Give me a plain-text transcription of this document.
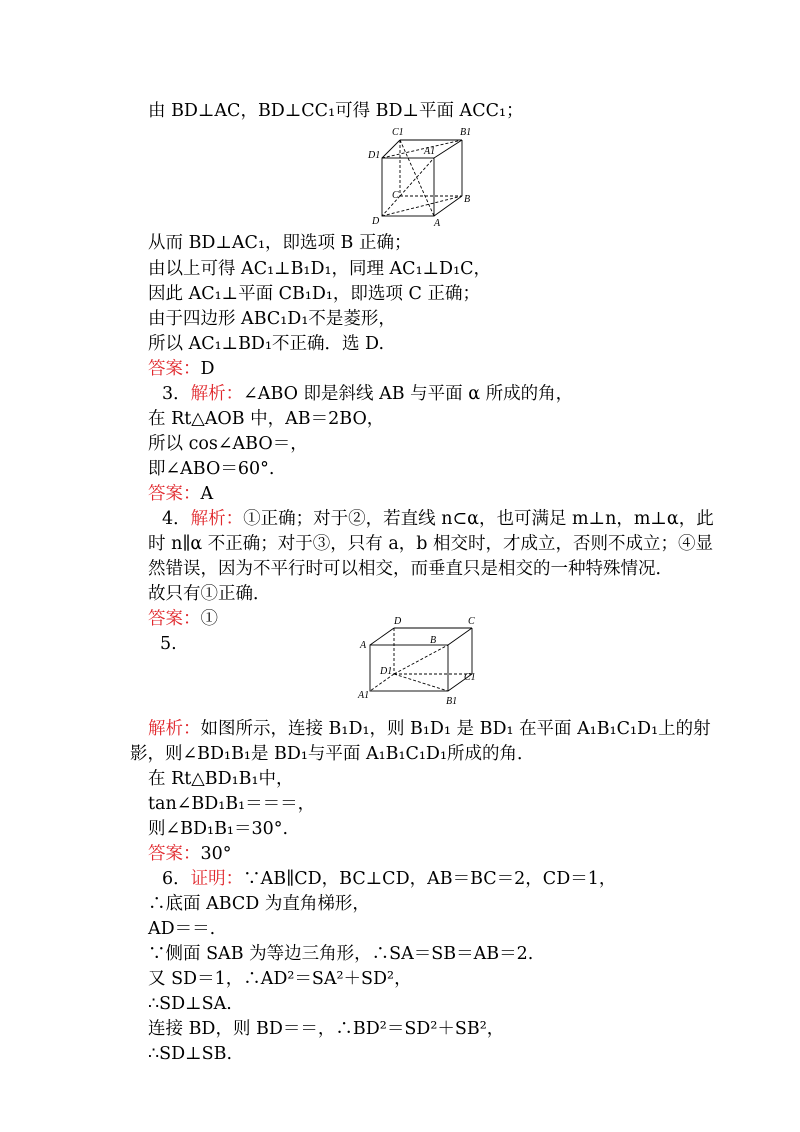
由 BD⊥AC，BD⊥CC₁可得 BD⊥平面 ACC₁；
C1	B1
D1	A1
C	B
D	A
从而 BD⊥AC₁，即选项 B 正确；
由以上可得 AC₁⊥B₁D₁，同理 AC₁⊥D₁C，
因此 AC₁⊥平面 CB₁D₁，即选项 C 正确；
由于四边形 ABC₁D₁不是菱形，
所以 AC₁⊥BD₁不正确．选 D.
答案：D
3．解析：∠ABO 即是斜线 AB 与平面 α 所成的角，
在 Rt△AOB 中，AB＝2BO，
所以 cos∠ABO＝，
即∠ABO＝60°.
答案：A
4．解析：①正确；对于②，若直线 n⊂α，也可满足 m⊥n，m⊥α，此
时 n∥α 不正确；对于③，只有 a，b 相交时，才成立，否则不成立；④显
然错误，因为不平行时可以相交，而垂直只是相交的一种特殊情况．
故只有①正确．
答案：①
5.
D	C
A	B
D1
C1
A1
B1
解析：如图所示，连接 B₁D₁，则 B₁D₁ 是 BD₁ 在平面 A₁B₁C₁D₁上的射
影，则∠BD₁B₁是 BD₁与平面 A₁B₁C₁D₁所成的角．
在 Rt△BD₁B₁中，
tan∠BD₁B₁＝＝＝，
则∠BD₁B₁＝30°.
答案：30°
6．证明：∵AB∥CD，BC⊥CD，AB＝BC＝2，CD＝1，
∴底面 ABCD 为直角梯形，
AD＝＝.
∵侧面 SAB 为等边三角形，∴SA＝SB＝AB＝2.
又 SD＝1，∴AD²＝SA²＋SD²，
∴SD⊥SA.
连接 BD，则 BD＝＝，∴BD²＝SD²＋SB²，
∴SD⊥SB.
